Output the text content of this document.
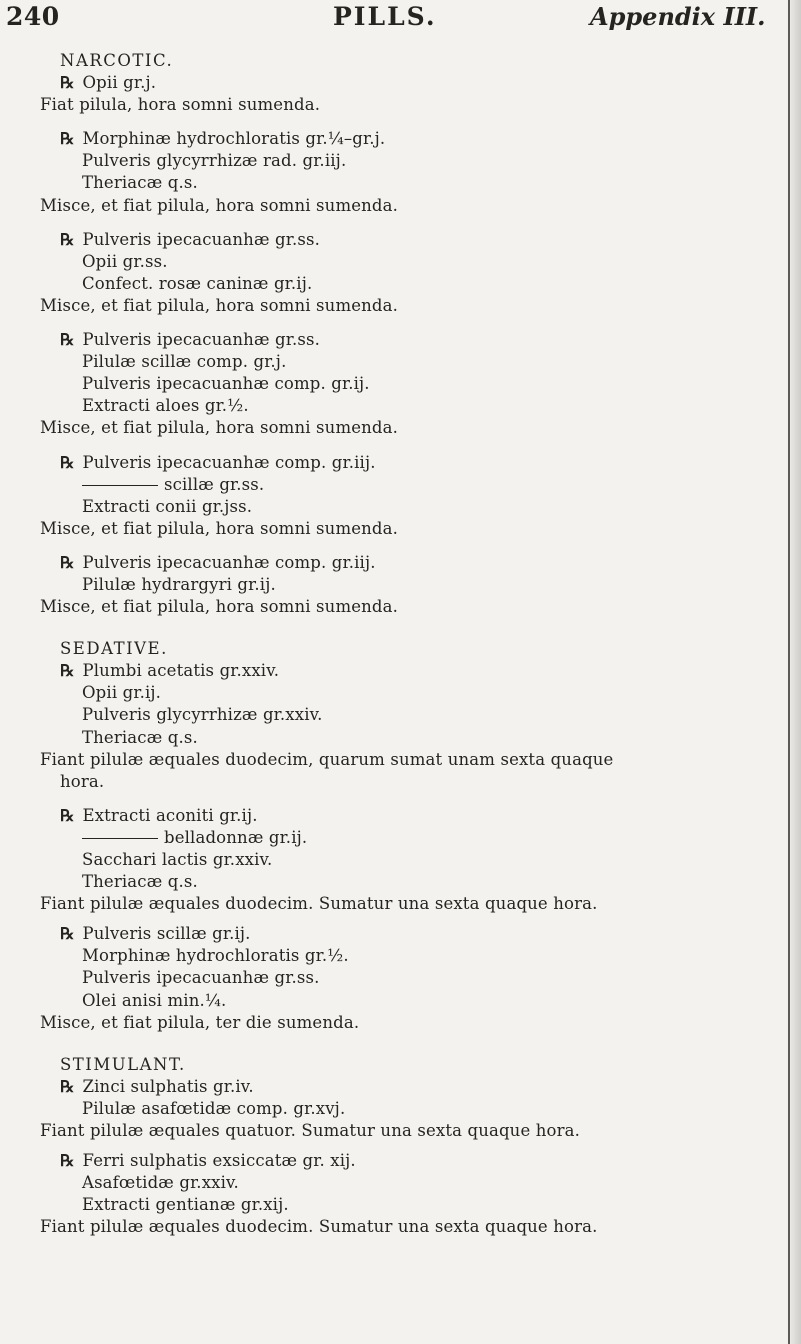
240	PILLS.	Appendix III.
NARCOTIC.
℞ Opii gr.j.
Fiat pilula, hora somni sumenda.
℞ Morphinæ hydrochloratis gr.¼–gr.j.
Pulveris glycyrrhizæ rad. gr.iij.
Theriacæ q.s.
Misce, et fiat pilula, hora somni sumenda.
℞ Pulveris ipecacuanhæ gr.ss.
Opii gr.ss.
Confect. rosæ caninæ gr.ij.
Misce, et fiat pilula, hora somni sumenda.
℞ Pulveris ipecacuanhæ gr.ss.
Pilulæ scillæ comp. gr.j.
Pulveris ipecacuanhæ comp. gr.ij.
Extracti aloes gr.½.
Misce, et fiat pilula, hora somni sumenda.
℞ Pulveris ipecacuanhæ comp. gr.iij.
scillæ gr.ss.
Extracti conii gr.jss.
Misce, et fiat pilula, hora somni sumenda.
℞ Pulveris ipecacuanhæ comp. gr.iij.
Pilulæ hydrargyri gr.ij.
Misce, et fiat pilula, hora somni sumenda.
SEDATIVE.
℞ Plumbi acetatis gr.xxiv.
Opii gr.ij.
Pulveris glycyrrhizæ gr.xxiv.
Theriacæ q.s.
Fiant pilulæ æquales duodecim, quarum sumat unam sexta quaque
hora.
℞ Extracti aconiti gr.ij.
belladonnæ gr.ij.
Sacchari lactis gr.xxiv.
Theriacæ q.s.
Fiant pilulæ æquales duodecim. Sumatur una sexta quaque hora.
℞ Pulveris scillæ gr.ij.
Morphinæ hydrochloratis gr.½.
Pulveris ipecacuanhæ gr.ss.
Olei anisi min.¼.
Misce, et fiat pilula, ter die sumenda.
STIMULANT.
℞ Zinci sulphatis gr.iv.
Pilulæ asafœtidæ comp. gr.xvj.
Fiant pilulæ æquales quatuor. Sumatur una sexta quaque hora.
℞ Ferri sulphatis exsiccatæ gr. xij.
Asafœtidæ gr.xxiv.
Extracti gentianæ gr.xij.
Fiant pilulæ æquales duodecim. Sumatur una sexta quaque hora.
